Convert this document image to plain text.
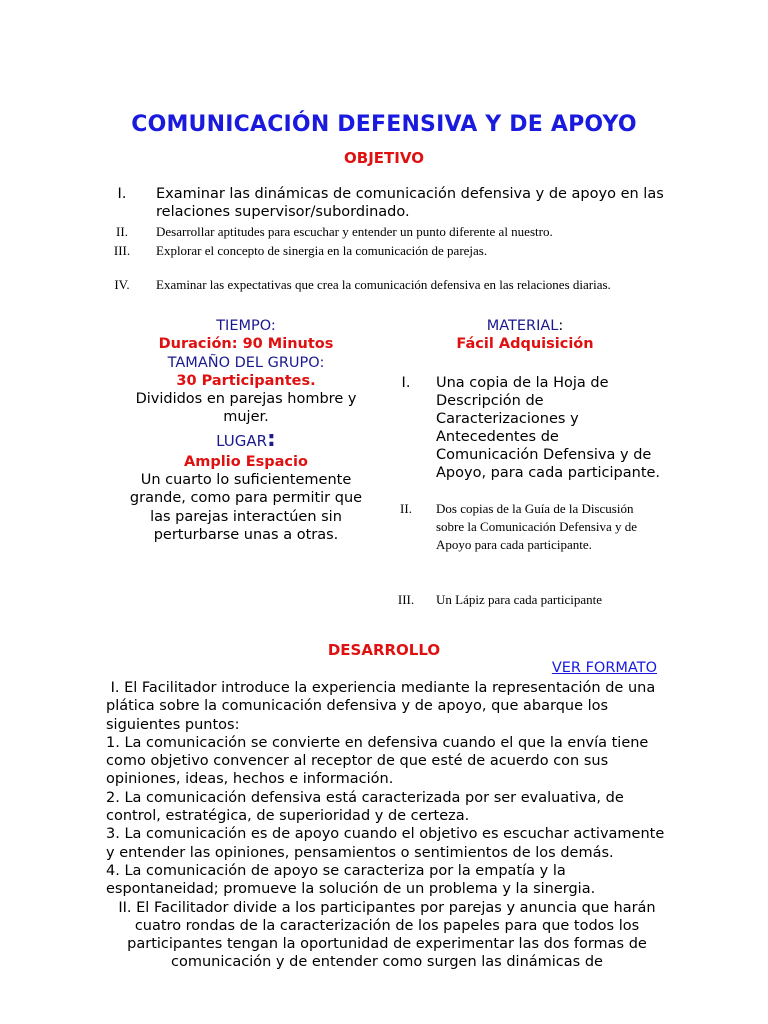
COMUNICACIÓN DEFENSIVA Y DE APOYO
OBJETIVO
I.	Examinar las dinámicas de comunicación defensiva y de apoyo en las relaciones supervisor/subordinado.
II.	Desarrollar aptitudes para escuchar y entender un punto diferente al nuestro.
III.	Explorar el concepto de sinergia en la comunicación de parejas.
IV.	Examinar las expectativas que crea la comunicación defensiva en las relaciones diarias.
TIEMPO:
Duración: 90 Minutos
TAMAÑO DEL GRUPO:
30 Participantes.
Divididos en parejas hombre y mujer.
LUGAR:
Amplio Espacio
Un cuarto lo suficientemente grande, como para permitir que las parejas interactúen sin perturbarse unas a otras.
MATERIAL:
Fácil Adquisición
I.	Una copia de la Hoja de Descripción de Caracterizaciones y Antecedentes de Comunicación Defensiva y de Apoyo, para cada participante.
II.	Dos copias de la Guía de la Discusión sobre la Comunicación Defensiva y de Apoyo para cada participante.
III.	Un Lápiz para cada participante
DESARROLLO
VER FORMATO

I. El Facilitador introduce la experiencia mediante la representación de una plática sobre la comunicación defensiva y de apoyo, que abarque los siguientes puntos:

1. La comunicación se convierte en defensiva cuando el que la envía tiene como objetivo convencer al receptor de que esté de acuerdo con sus opiniones, ideas, hechos e información.

2. La comunicación defensiva está caracterizada por ser evaluativa, de control, estratégica, de superioridad y de certeza.

3. La comunicación es de apoyo cuando el objetivo es escuchar activamente y entender las opiniones, pensamientos o sentimientos de los demás.

4. La comunicación de apoyo se caracteriza por la empatía y la espontaneidad; promueve la solución de un problema y la sinergia.

II. El Facilitador divide a los participantes por parejas y anuncia que harán cuatro rondas de la caracterización de los papeles para que todos los participantes tengan la oportunidad de experimentar las dos formas de comunicación y de entender como surgen las dinámicas de
